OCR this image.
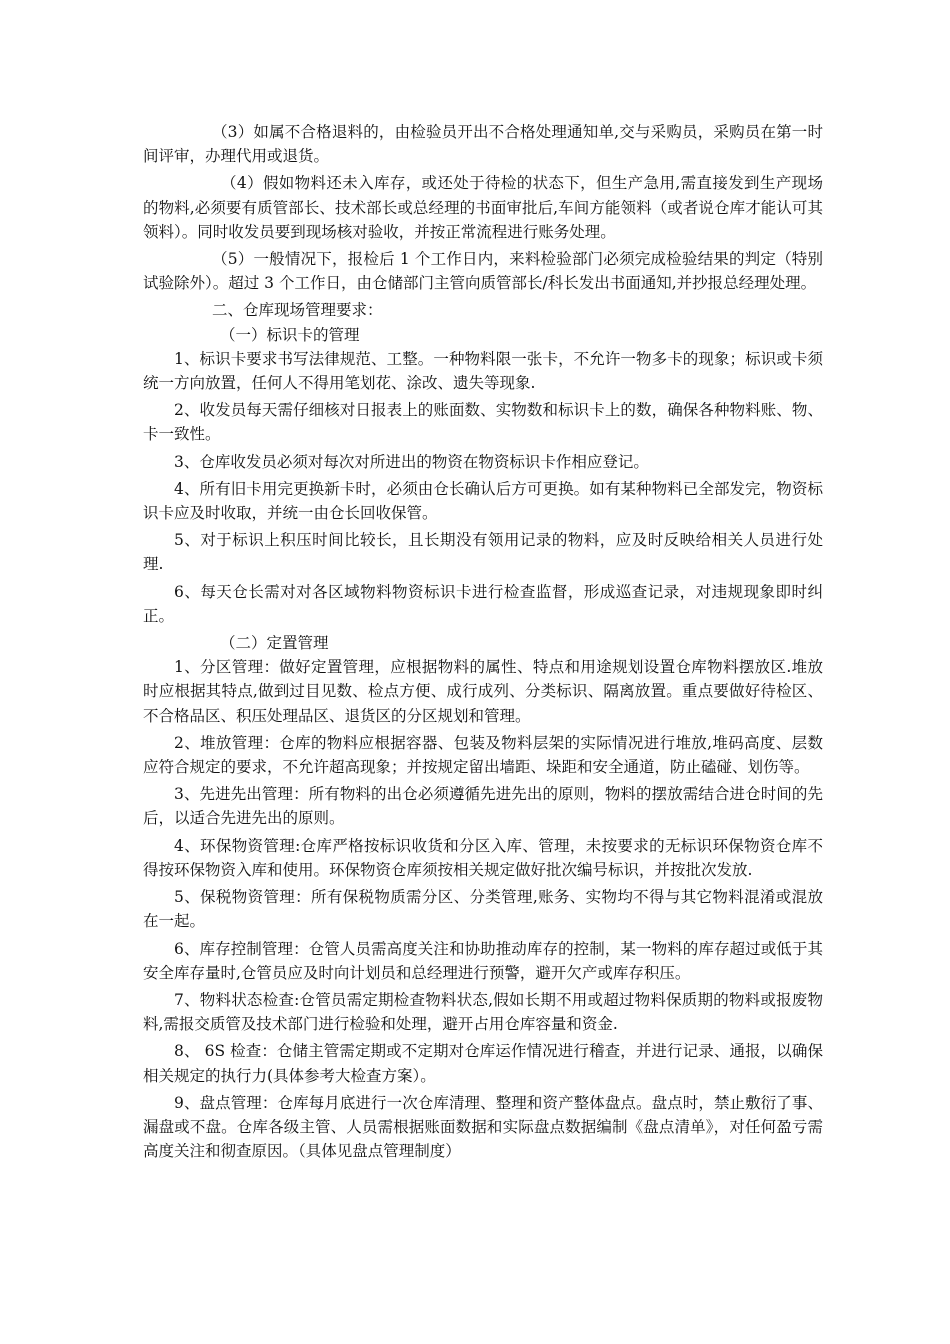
（3）如属不合格退料的，由检验员开出不合格处理通知单,交与采购员，采购员在第一时间评审，办理代用或退货。

（4）假如物料还未入库存，或还处于待检的状态下，但生产急用,需直接发到生产现场的物料,必须要有质管部长、技术部长或总经理的书面审批后,车间方能领料（或者说仓库才能认可其领料）。同时收发员要到现场核对验收，并按正常流程进行账务处理。

（5）一般情况下，报检后 1 个工作日内，来料检验部门必须完成检验结果的判定（特别试验除外）。超过 3 个工作日，由仓储部门主管向质管部长/科长发出书面通知,并抄报总经理处理。

二、仓库现场管理要求：

（一）标识卡的管理

1、标识卡要求书写法律规范、工整。一种物料限一张卡，不允许一物多卡的现象；标识或卡须统一方向放置，任何人不得用笔划花、涂改、遗失等现象.

2、收发员每天需仔细核对日报表上的账面数、实物数和标识卡上的数，确保各种物料账、物、卡一致性。

3、仓库收发员必须对每次对所进出的物资在物资标识卡作相应登记。

4、所有旧卡用完更换新卡时，必须由仓长确认后方可更换。如有某种物料已全部发完，物资标识卡应及时收取，并统一由仓长回收保管。

5、对于标识上积压时间比较长，且长期没有领用记录的物料，应及时反映给相关人员进行处理.

6、每天仓长需对对各区域物料物资标识卡进行检查监督，形成巡查记录，对违规现象即时纠正。

（二）定置管理

1、分区管理：做好定置管理，应根据物料的属性、特点和用途规划设置仓库物料摆放区.堆放时应根据其特点,做到过目见数、检点方便、成行成列、分类标识、隔离放置。重点要做好待检区、不合格品区、积压处理品区、退货区的分区规划和管理。

2、堆放管理：仓库的物料应根据容器、包装及物料层架的实际情况进行堆放,堆码高度、层数应符合规定的要求，不允许超高现象；并按规定留出墙距、垛距和安全通道，防止磕碰、划伤等。

3、先进先出管理：所有物料的出仓必须遵循先进先出的原则，物料的摆放需结合进仓时间的先后，以适合先进先出的原则。

4、环保物资管理:仓库严格按标识收货和分区入库、管理，未按要求的无标识环保物资仓库不得按环保物资入库和使用。环保物资仓库须按相关规定做好批次编号标识，并按批次发放.

5、保税物资管理：所有保税物质需分区、分类管理,账务、实物均不得与其它物料混淆或混放在一起。

6、库存控制管理：仓管人员需高度关注和协助推动库存的控制，某一物料的库存超过或低于其安全库存量时,仓管员应及时向计划员和总经理进行预警，避开欠产或库存积压。

7、物料状态检查:仓管员需定期检查物料状态,假如长期不用或超过物料保质期的物料或报废物料,需报交质管及技术部门进行检验和处理，避开占用仓库容量和资金.

8、 6S 检查：仓储主管需定期或不定期对仓库运作情况进行稽查，并进行记录、通报，以确保相关规定的执行力(具体参考大检查方案）。

9、盘点管理：仓库每月底进行一次仓库清理、整理和资产整体盘点。盘点时，禁止敷衍了事、漏盘或不盘。仓库各级主管、人员需根据账面数据和实际盘点数据编制《盘点清单》，对任何盈亏需高度关注和彻查原因。（具体见盘点管理制度）
